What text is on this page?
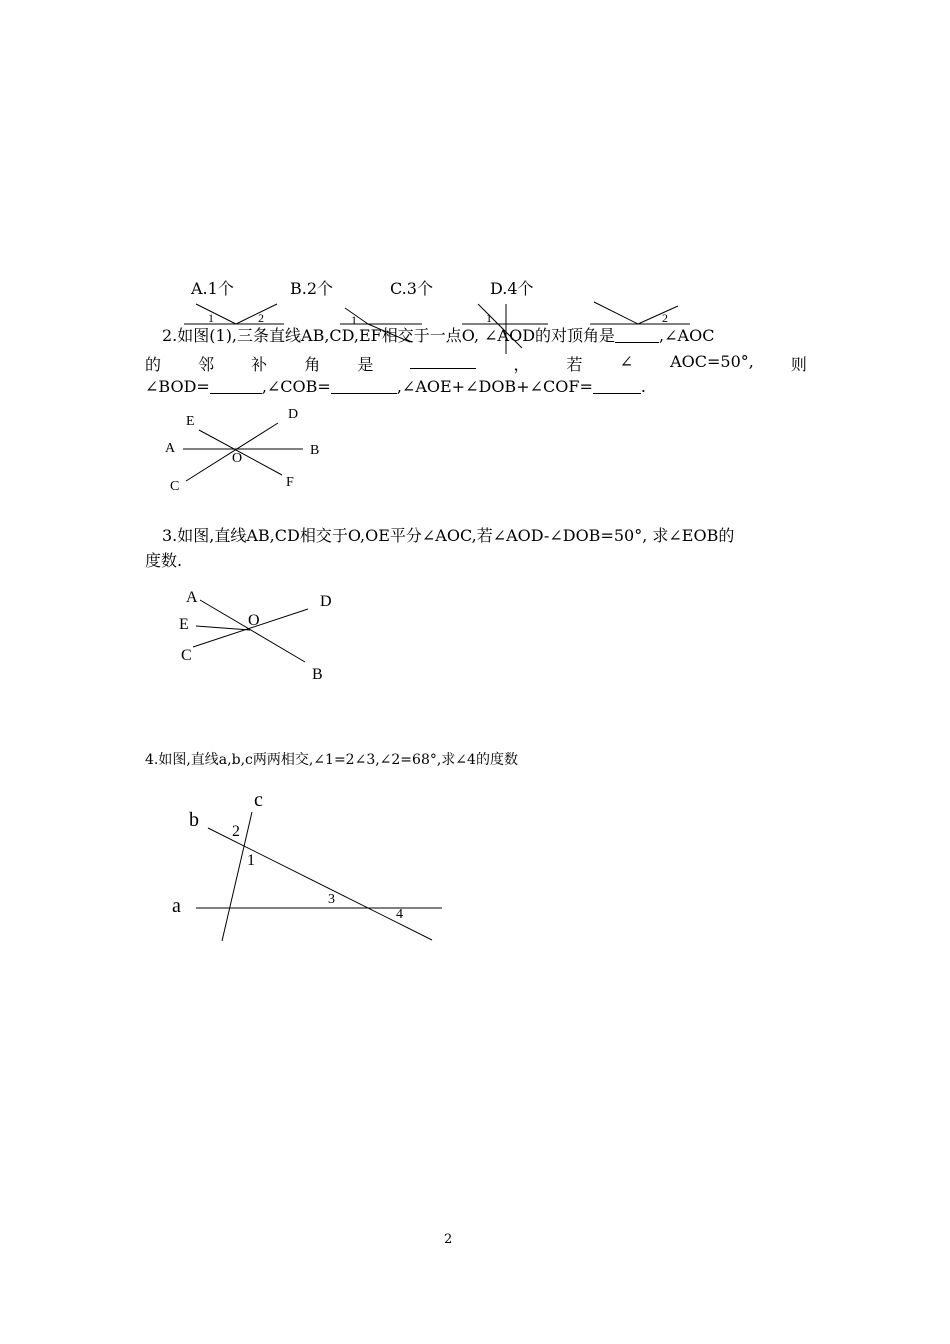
A.1个	B.2个	C.3个	D.4个
1	2	1	1	2
2.如图(1),三条直线AB,CD,EF相交于一点O, ∠AOD的对顶角是	,∠AOC
的 邻 补 角 是	， 若 ∠ AOC=50°, 则
∠BOD=	,∠COB=	,∠AOE+∠DOB+∠COF=	.
E	D
A
O
B
C	F
3.如图,直线AB,CD相交于O,OE平分∠AOC,若∠AOD-∠DOB=50°, 求∠EOB的
度数.
A	D
E	O
C
B
4.如图,直线a,b,c两两相交,∠1=2∠3,∠2=68°,求∠4的度数
c
b
2
1
a	3
4
2
